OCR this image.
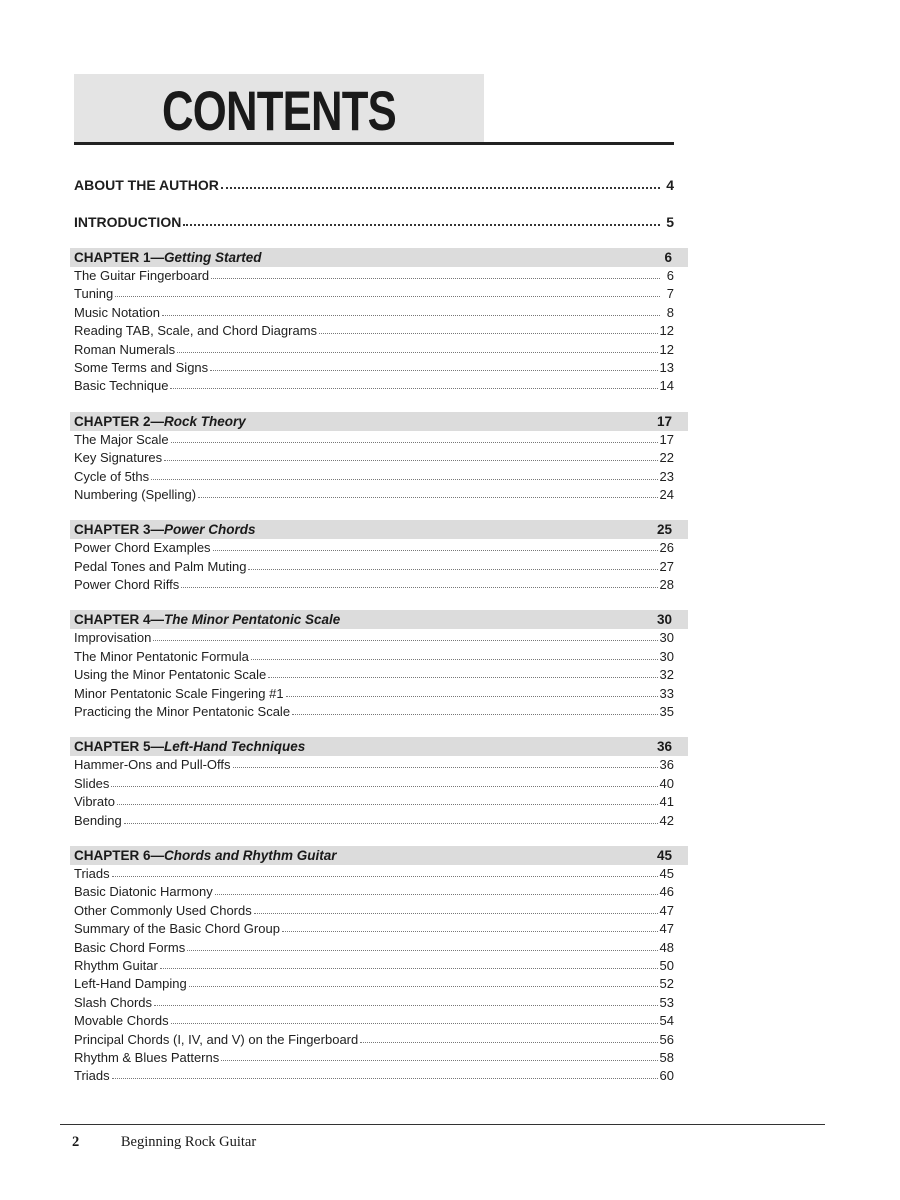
CONTENTS
ABOUT THE AUTHOR	4
INTRODUCTION	5
CHAPTER 1—Getting Started	6
The Guitar Fingerboard	6
Tuning	7
Music Notation	8
Reading TAB, Scale, and Chord Diagrams	12
Roman Numerals	12
Some Terms and Signs	13
Basic Technique	14
CHAPTER 2—Rock Theory	17
The Major Scale	17
Key Signatures	22
Cycle of 5ths	23
Numbering (Spelling)	24
CHAPTER 3—Power Chords	25
Power Chord Examples	26
Pedal Tones and Palm Muting	27
Power Chord Riffs	28
CHAPTER 4—The Minor Pentatonic Scale	30
Improvisation	30
The Minor Pentatonic Formula	30
Using the Minor Pentatonic Scale	32
Minor Pentatonic Scale Fingering #1	33
Practicing the Minor Pentatonic Scale	35
CHAPTER 5—Left-Hand Techniques	36
Hammer-Ons and Pull-Offs	36
Slides	40
Vibrato	41
Bending	42
CHAPTER 6—Chords and Rhythm Guitar	45
Triads	45
Basic Diatonic Harmony	46
Other Commonly Used Chords	47
Summary of the Basic Chord Group	47
Basic Chord Forms	48
Rhythm Guitar	50
Left-Hand Damping	52
Slash Chords	53
Movable Chords	54
Principal Chords (I, IV, and V) on the Fingerboard	56
Rhythm & Blues Patterns	58
Triads	60
2	Beginning Rock Guitar
